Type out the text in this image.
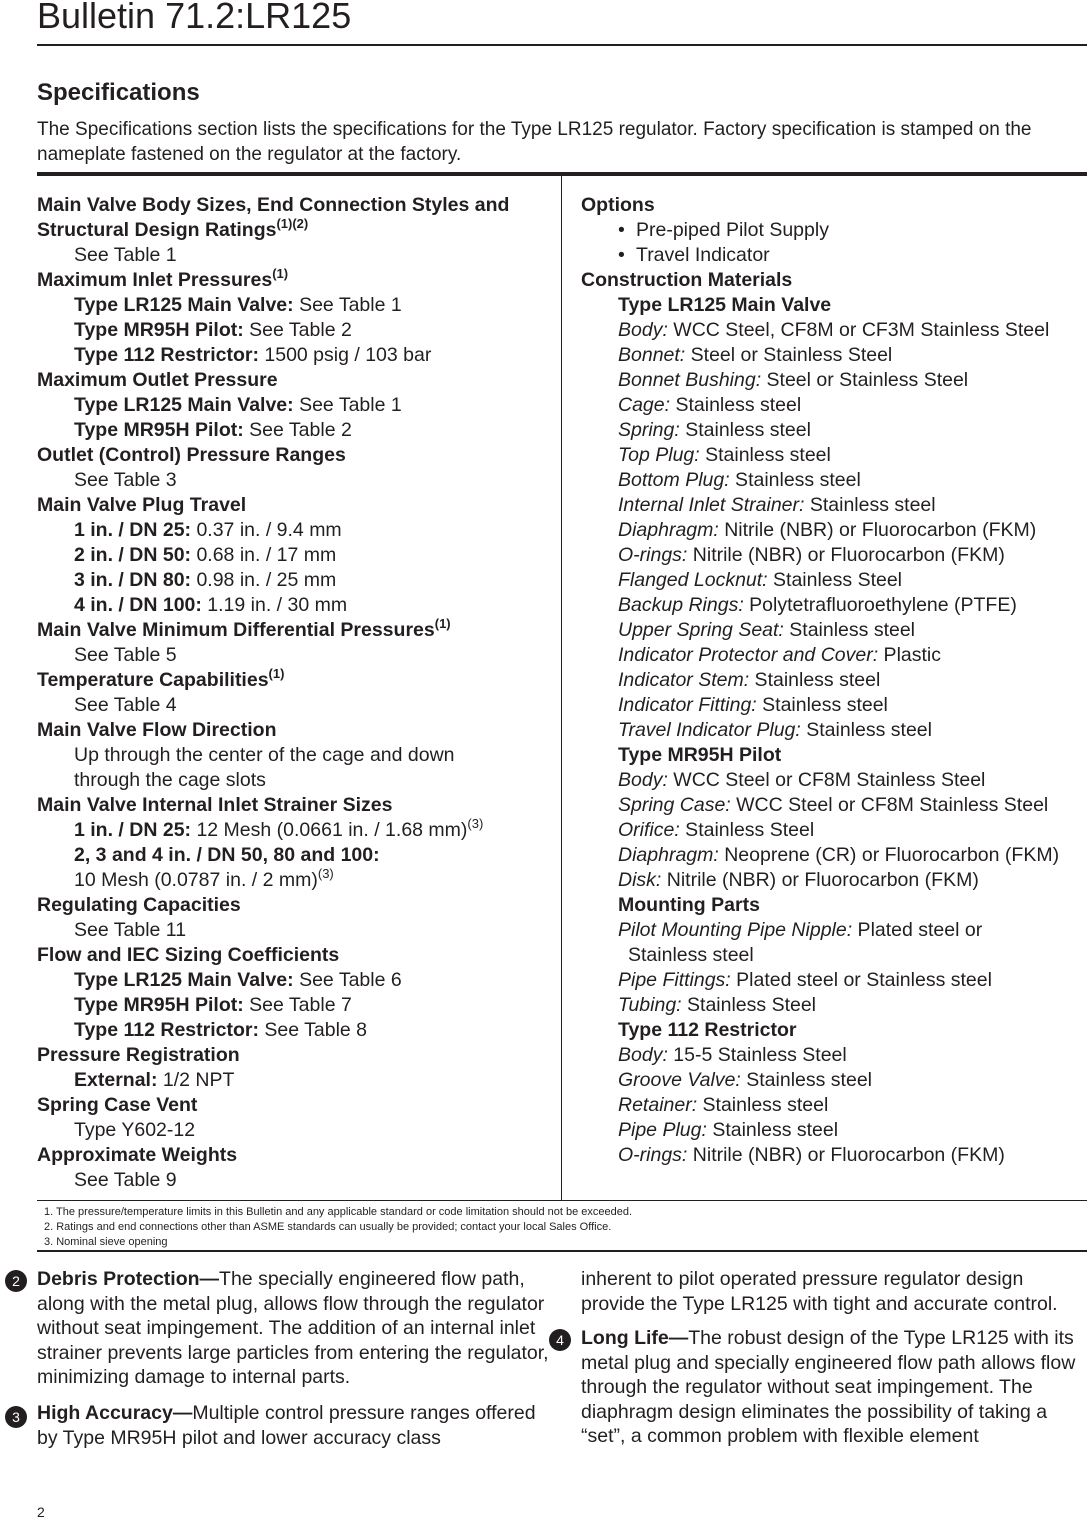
Bulletin 71.2:LR125
Specifications
The Specifications section lists the specifications for the Type LR125 regulator. Factory specification is stamped on the nameplate fastened on the regulator at the factory.
Main Valve Body Sizes, End Connection Styles and
Structural Design Ratings$^{(1)(2)}$
See Table 1
Maximum Inlet Pressures$^{(1)}$
Type LR125 Main Valve: See Table 1
Type MR95H Pilot: See Table 2
Type 112 Restrictor: 1500 psig / 103 bar
Maximum Outlet Pressure
Type LR125 Main Valve: See Table 1
Type MR95H Pilot: See Table 2
Outlet (Control) Pressure Ranges
See Table 3
Main Valve Plug Travel
1 in. / DN 25: 0.37 in. / 9.4 mm
2 in. / DN 50: 0.68 in. / 17 mm
3 in. / DN 80: 0.98 in. / 25 mm
4 in. / DN 100: 1.19 in. / 30 mm
Main Valve Minimum Differential Pressures$^{(1)}$
See Table 5
Temperature Capabilities$^{(1)}$
See Table 4
Main Valve Flow Direction
Up through the center of the cage and down
through the cage slots
Main Valve Internal Inlet Strainer Sizes
1 in. / DN 25: 12 Mesh (0.0661 in. / 1.68 mm)$^{(3)}$
2, 3 and 4 in. / DN 50, 80 and 100:
10 Mesh (0.0787 in. / 2 mm)$^{(3)}$
Regulating Capacities
See Table 11
Flow and IEC Sizing Coefficients
Type LR125 Main Valve: See Table 6
Type MR95H Pilot: See Table 7
Type 112 Restrictor: See Table 8
Pressure Registration
External: 1/2 NPT
Spring Case Vent
Type Y602-12
Approximate Weights
See Table 9
Options
• Pre-piped Pilot Supply
• Travel Indicator
Construction Materials
Type LR125 Main Valve
Body: WCC Steel, CF8M or CF3M Stainless Steel
Bonnet: Steel or Stainless Steel
Bonnet Bushing: Steel or Stainless Steel
Cage: Stainless steel
Spring: Stainless steel
Top Plug: Stainless steel
Bottom Plug: Stainless steel
Internal Inlet Strainer: Stainless steel
Diaphragm: Nitrile (NBR) or Fluorocarbon (FKM)
O-rings: Nitrile (NBR) or Fluorocarbon (FKM)
Flanged Locknut: Stainless Steel
Backup Rings: Polytetrafluoroethylene (PTFE)
Upper Spring Seat: Stainless steel
Indicator Protector and Cover: Plastic
Indicator Stem: Stainless steel
Indicator Fitting: Stainless steel
Travel Indicator Plug: Stainless steel
Type MR95H Pilot
Body: WCC Steel or CF8M Stainless Steel
Spring Case: WCC Steel or CF8M Stainless Steel
Orifice: Stainless Steel
Diaphragm: Neoprene (CR) or Fluorocarbon (FKM)
Disk: Nitrile (NBR) or Fluorocarbon (FKM)
Mounting Parts
Pilot Mounting Pipe Nipple: Plated steel or
Stainless steel
Pipe Fittings: Plated steel or Stainless steel
Tubing: Stainless Steel
Type 112 Restrictor
Body: 15-5 Stainless Steel
Groove Valve: Stainless steel
Retainer: Stainless steel
Pipe Plug: Stainless steel
O-rings: Nitrile (NBR) or Fluorocarbon (FKM)
1. The pressure/temperature limits in this Bulletin and any applicable standard or code limitation should not be exceeded.
2. Ratings and end connections other than ASME standards can usually be provided; contact your local Sales Office.
3. Nominal sieve opening
2 Debris Protection—The specially engineered flow path, along with the metal plug, allows flow through the regulator without seat impingement. The addition of an internal inlet strainer prevents large particles from entering the regulator, minimizing damage to internal parts.
3 High Accuracy—Multiple control pressure ranges offered by Type MR95H pilot and lower accuracy class
inherent to pilot operated pressure regulator design provide the Type LR125 with tight and accurate control.
4 Long Life—The robust design of the Type LR125 with its metal plug and specially engineered flow path allows flow through the regulator without seat impingement. The diaphragm design eliminates the possibility of taking a “set”, a common problem with flexible element
2
